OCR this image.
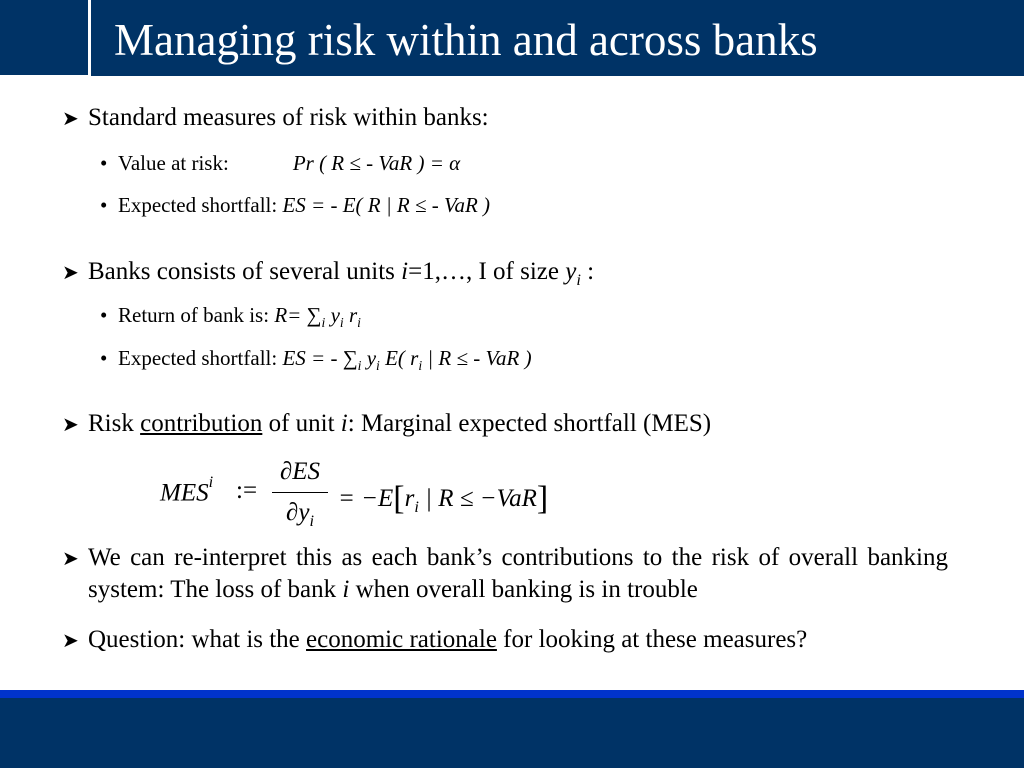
Managing risk within and across banks
➤ Standard measures of risk within banks:
• Value at risk:	Pr ( R ≤ - VaR ) = α
• Expected shortfall: ES = - E( R | R ≤ - VaR )
➤ Banks consists of several units i=1,…, I of size $y_i$ :
• Return of bank is: $R= \sum_i$ $y_i$ $r_i$
• Expected shortfall: ES = - $\sum_i$ $y_i$ E( $r_i$ | R ≤ - VaR )
➤ Risk contribution of unit i: Marginal expected shortfall (MES)
MES$^i$ :=
∂ES
$\partial y_i$
= $-E[r_i$ | R ≤ −VaR]
➤ We can re-interpret this as each bank’s contributions to the risk of overall banking system: The loss of bank i when overall banking is in trouble
➤ Question: what is the economic rationale for looking at these measures?
